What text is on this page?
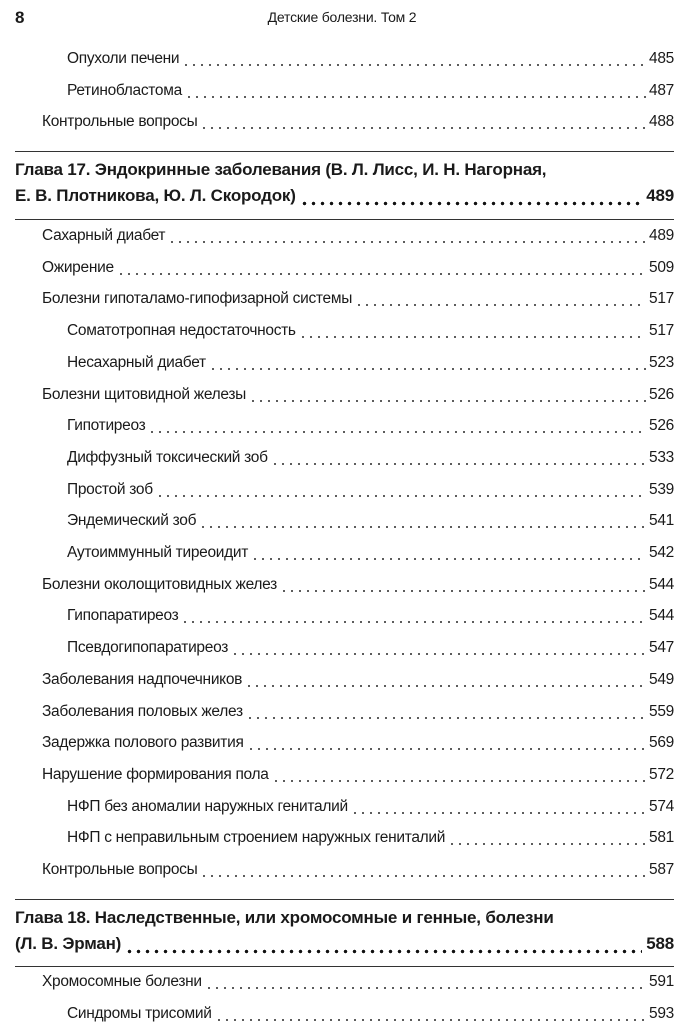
8	Детские болезни. Том 2
Опухоли печени	485
Ретинобластома	487
Контрольные вопросы	488
Глава 17. Эндокринные заболевания (В. Л. Лисс, И. Н. Нагорная,
Е. В. Плотникова, Ю. Л. Скородок)	489
Сахарный диабет	489
Ожирение	509
Болезни гипоталамо-гипофизарной системы	517
Соматотропная недостаточность	517
Несахарный диабет	523
Болезни щитовидной железы	526
Гипотиреоз	526
Диффузный токсический зоб	533
Простой зоб	539
Эндемический зоб	541
Аутоиммунный тиреоидит	542
Болезни околощитовидных желез	544
Гипопаратиреоз	544
Псевдогипопаратиреоз	547
Заболевания надпочечников	549
Заболевания половых желез	559
Задержка полового развития	569
Нарушение формирования пола	572
НФП без аномалии наружных гениталий	574
НФП с неправильным строением наружных гениталий	581
Контрольные вопросы	587
Глава 18. Наследственные, или хромосомные и генные, болезни
(Л. В. Эрман)	588
Хромосомные болезни	591
Синдромы трисомий	593
